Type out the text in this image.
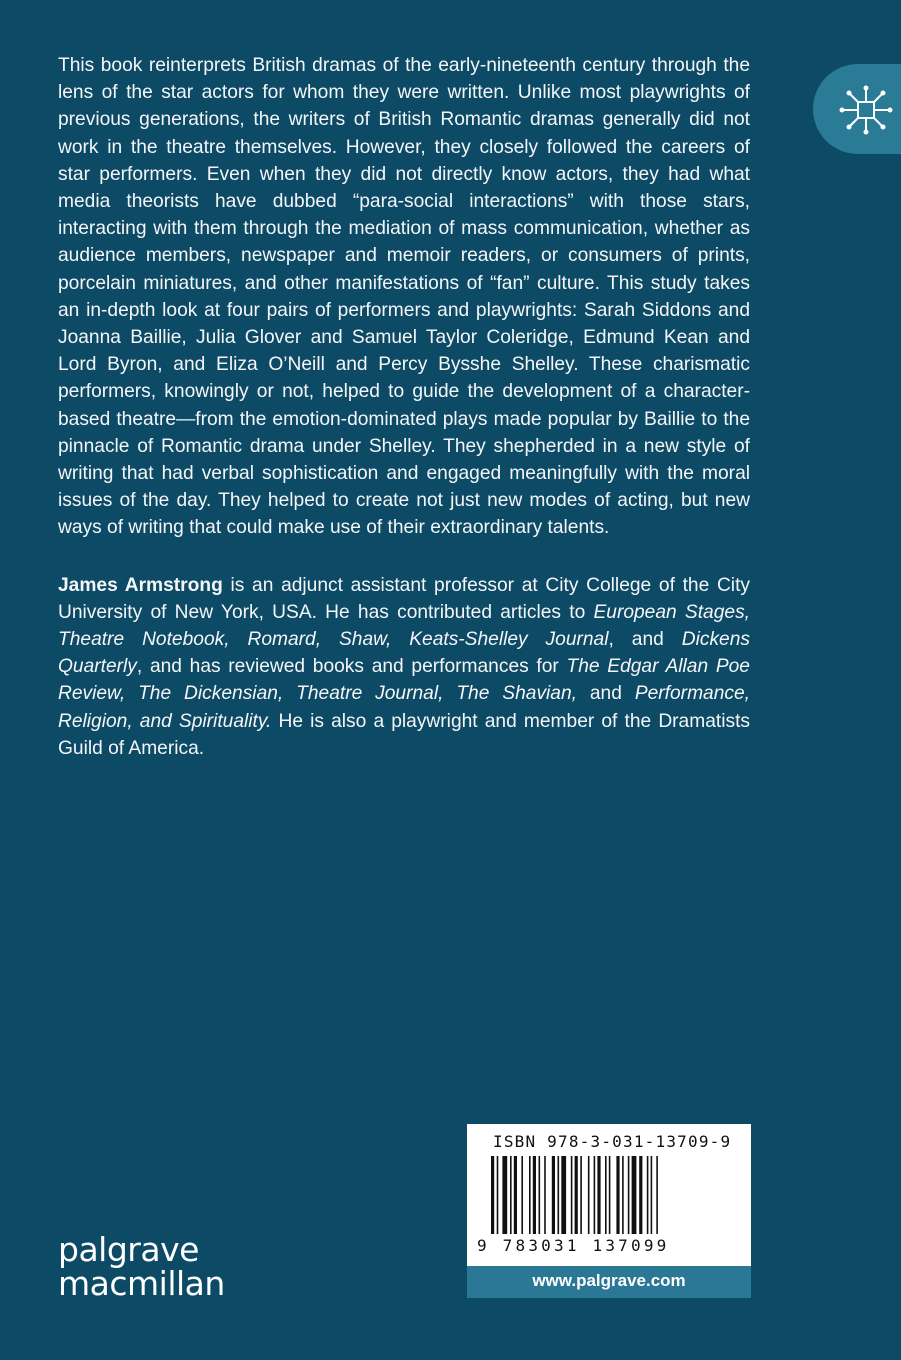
This book reinterprets British dramas of the early-nineteenth century through the lens of the star actors for whom they were written. Unlike most playwrights of previous generations, the writers of British Romantic dramas generally did not work in the theatre themselves. However, they closely followed the careers of star performers. Even when they did not directly know actors, they had what media theorists have dubbed “para-social interactions” with those stars, interacting with them through the mediation of mass communication, whether as audience members, newspaper and memoir readers, or consumers of prints, porcelain miniatures, and other manifestations of “fan” culture. This study takes an in-depth look at four pairs of performers and playwrights: Sarah Siddons and Joanna Baillie, Julia Glover and Samuel Taylor Coleridge, Edmund Kean and Lord Byron, and Eliza O’Neill and Percy Bysshe Shelley. These charismatic performers, knowingly or not, helped to guide the development of a character-based theatre—from the emotion-dominated plays made popular by Baillie to the pinnacle of Romantic drama under Shelley. They shepherded in a new style of writing that had verbal sophistication and engaged meaningfully with the moral issues of the day. They helped to create not just new modes of acting, but new ways of writing that could make use of their extraordinary talents.

James Armstrong is an adjunct assistant professor at City College of the City University of New York, USA. He has contributed articles to European Stages, Theatre Notebook, Romard, Shaw, Keats-Shelley Journal, and Dickens Quarterly, and has reviewed books and performances for The Edgar Allan Poe Review, The Dickensian, Theatre Journal, The Shavian, and Performance, Religion, and Spirituality. He is also a playwright and member of the Dramatists Guild of America.

palgrave
macmillan
ISBN 978-3-031-13709-9
9 783031 137099
www.palgrave.com
